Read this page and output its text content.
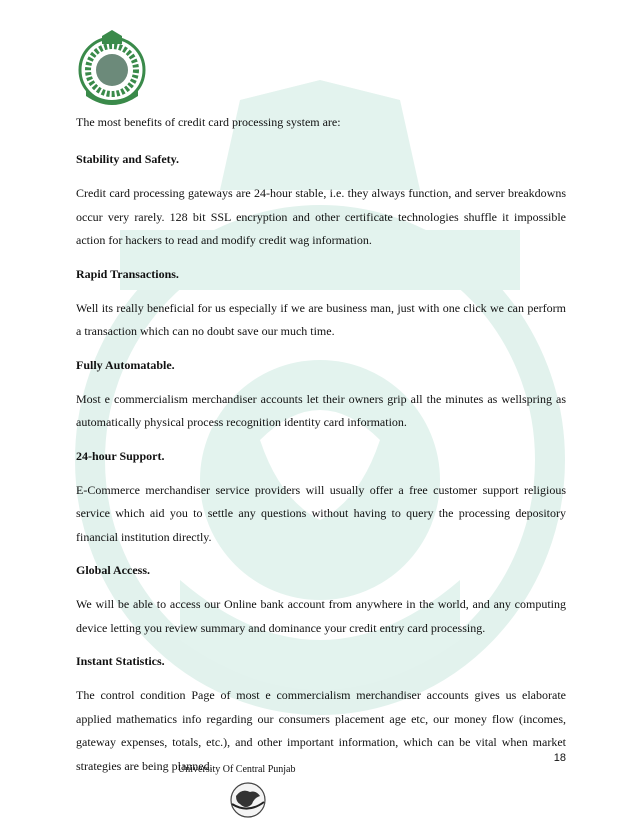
The most benefits of credit card processing system are:

Stability and Safety.

Credit card processing gateways are 24-hour stable, i.e. they always function, and server breakdowns occur very rarely. 128 bit SSL encryption and other certificate technologies shuffle it impossible action for hackers to read and modify credit wag information.

Rapid Transactions.

Well its really beneficial for us especially if we are business man, just with one click we can perform a transaction which can no doubt save our much time.

Fully Automatable.

Most e commercialism merchandiser accounts let their owners grip all the minutes as wellspring as automatically physical process recognition identity card information.

24-hour Support.

E-Commerce merchandiser service providers will usually offer a free customer support religious service which aid you to settle any questions without having to query the processing depository financial institution directly.

Global Access.

We will be able to access our Online bank account from anywhere in the world, and any computing device letting you review summary and dominance your credit entry card processing.

Instant Statistics.

The control condition Page of most e commercialism merchandiser accounts gives us elaborate applied mathematics info regarding our consumers placement age etc, our money flow (incomes, gateway expenses, totals, etc.), and other important information, which can be vital when market strategies are being planned.

18
University Of Central Punjab
